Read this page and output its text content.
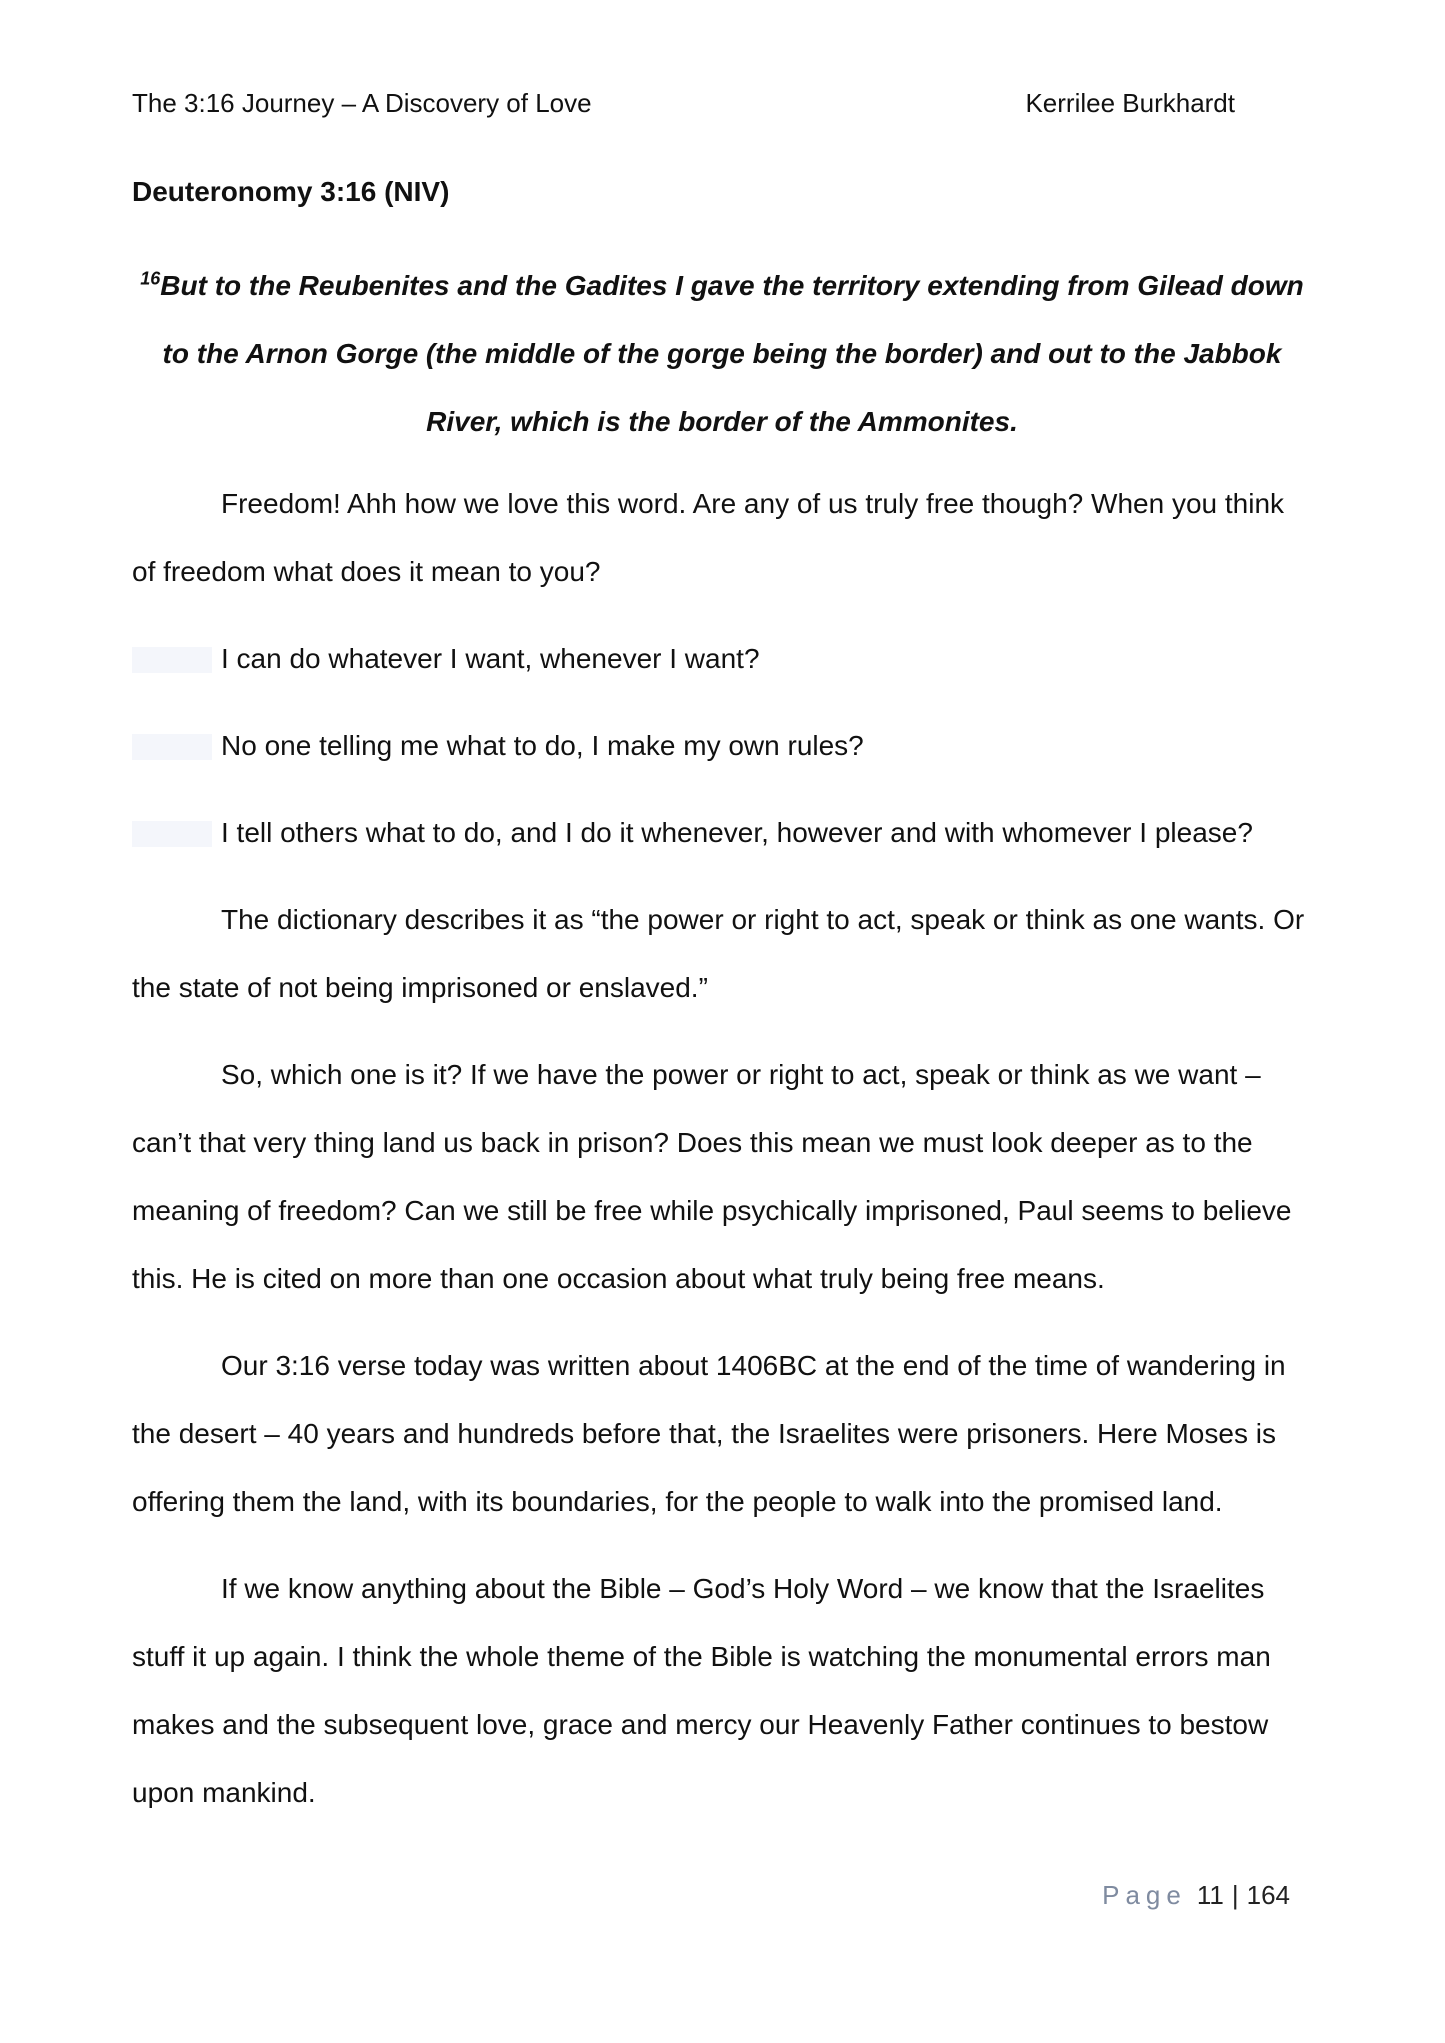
The 3:16 Journey – A Discovery of Love	Kerrilee Burkhardt
Deuteronomy 3:16 (NIV)
$^{16}$But to the Reubenites and the Gadites I gave the territory extending from Gilead down to the Arnon Gorge (the middle of the gorge being the border) and out to the Jabbok River, which is the border of the Ammonites.

Freedom! Ahh how we love this word. Are any of us truly free though? When you think of freedom what does it mean to you?

I can do whatever I want, whenever I want?

No one telling me what to do, I make my own rules?

I tell others what to do, and I do it whenever, however and with whomever I please?

The dictionary describes it as “the power or right to act, speak or think as one wants. Or the state of not being imprisoned or enslaved.”

So, which one is it? If we have the power or right to act, speak or think as we want – can’t that very thing land us back in prison? Does this mean we must look deeper as to the meaning of freedom? Can we still be free while psychically imprisoned, Paul seems to believe this. He is cited on more than one occasion about what truly being free means.

Our 3:16 verse today was written about 1406BC at the end of the time of wandering in the desert – 40 years and hundreds before that, the Israelites were prisoners. Here Moses is offering them the land, with its boundaries, for the people to walk into the promised land.

If we know anything about the Bible – God’s Holy Word – we know that the Israelites stuff it up again. I think the whole theme of the Bible is watching the monumental errors man makes and the subsequent love, grace and mercy our Heavenly Father continues to bestow upon mankind.

Page 11 | 164
